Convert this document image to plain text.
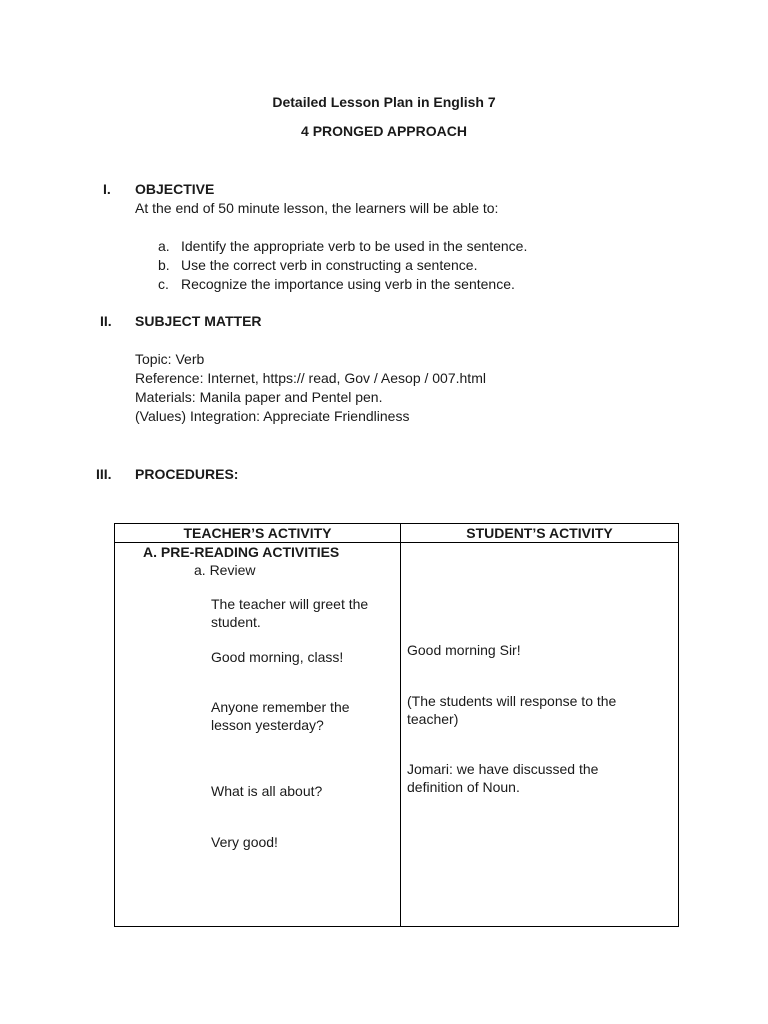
Detailed Lesson Plan in English 7
4 PRONGED APPROACH
I. OBJECTIVE
At the end of 50 minute lesson, the learners will be able to:
a. Identify the appropriate verb to be used in the sentence.
b. Use the correct verb in constructing a sentence.
c. Recognize the importance using verb in the sentence.
II. SUBJECT MATTER
Topic: Verb
Reference: Internet, https:// read, Gov / Aesop / 007.html
Materials: Manila paper and Pentel pen.
(Values) Integration: Appreciate Friendliness
III. PROCEDURES:
TEACHER’S ACTIVITY	STUDENT’S ACTIVITY
A. PRE-READING ACTIVITIES
a. Review
The teacher will greet the
student.
Good morning, class!
Anyone remember the
lesson yesterday?
What is all about?
Very good!
Good morning Sir!
(The students will response to the
teacher)
Jomari: we have discussed the
definition of Noun.
